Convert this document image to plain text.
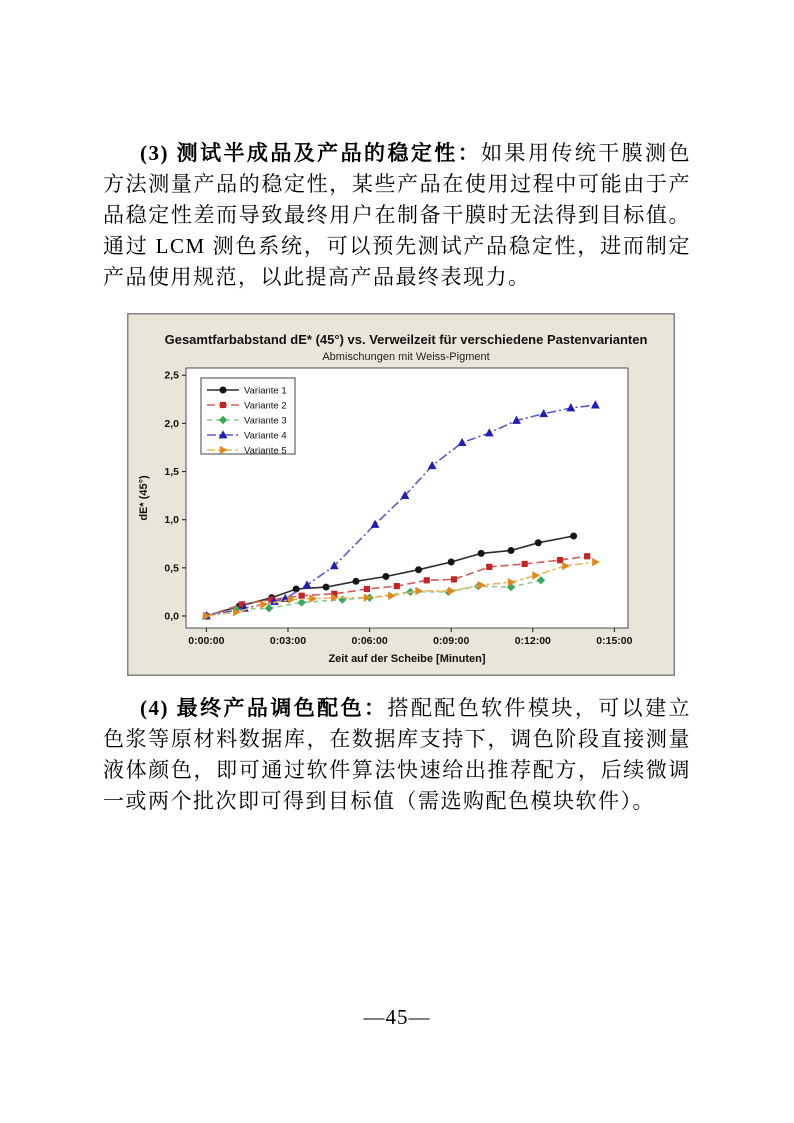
(3) 测试半成品及产品的稳定性：如果用传统干膜测色方法测量产品的稳定性，某些产品在使用过程中可能由于产品稳定性差而导致最终用户在制备干膜时无法得到目标值。通过 LCM 测色系统，可以预先测试产品稳定性，进而制定产品使用规范，以此提高产品最终表现力。

Gesamtfarbabstand dE* (45°) vs. Verweilzeit für verschiedene Pastenvarianten
Abmischungen mit Weiss-Pigment
0,0
0,5
1,0
1,5
2,0
2,5
0:00:00	0:03:00	0:06:00	0:09:00	0:12:00	0:15:00
dE* (45°)
Zeit auf der Scheibe [Minuten]
Variante 1
Variante 2
Variante 3
Variante 4
Variante 5

(4) 最终产品调色配色：搭配配色软件模块，可以建立色浆等原材料数据库，在数据库支持下，调色阶段直接测量液体颜色，即可通过软件算法快速给出推荐配方，后续微调一或两个批次即可得到目标值（需选购配色模块软件）。

—45—
